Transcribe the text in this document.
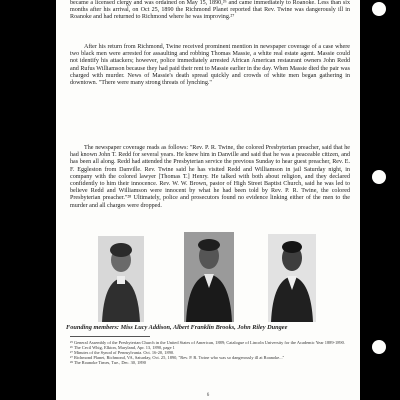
became a licensed clergy and was ordained on May 15, 1890,²⁶ and came immediately to Roanoke. Less than six months after his arrival, on Oct 25, 1890 the Richmond Planet reported that Rev. Twine was dangerously ill in Roanoke and had returned to Richmond where he was improving.²⁷

After his return from Richmond, Twine received prominent mention in newspaper coverage of a case where two black men were arrested for assaulting and robbing Thomas Massie, a white real estate agent. Massie could not identify his attackers; however, police immediately arrested African American restaurant owners John Redd and Rufus Williamson because they had paid their rent to Massie earlier in the day. When Massie died the pair was charged with murder. News of Massie's death spread quickly and crowds of white men began gathering in downtown. "There were many strong threats of lynching."

The newspaper coverage reads as follows: "Rev. P. R. Twine, the colored Presbyterian preacher, said that he had known John T. Redd for several years. He knew him in Danville and said that he was a peaceable citizen, and has been all along. Redd had attended the Presbyterian service the previous Sunday to hear guest preacher, Rev. E. F. Eggleston from Danville. Rev. Twine said he has visited Redd and Williamson in jail Saturday night, in company with the colored lawyer [Thomas T.] Henry. He talked with both about religion, and they declared confidently to him their innocence. Rev. W. W. Brown, pastor of High Street Baptist Church, said he was led to believe Redd and Williamson were innocent by what he had been told by Rev. P. R. Twine, the colored Presbyterian preacher."²⁸ Ultimately, police and prosecutors found no evidence linking either of the men to the murder and all charges were dropped.

Founding members: Miss Lucy Addison, Albert Franklin Brooks, John Riley Dungee
²⁵ General Assembly of the Presbyterian Church in the United States of American, 1889; Catalogue of Lincoln University for the Academic Year 1889-1890.
²⁶ The Cecil Whig, Elkton, Maryland, Apr. 13, 1890, page 1
²⁷ Minutes of the Synod of Pennsylvania. Oct. 16-20, 1890.
²⁷ Richmond Planet, Richmond, VA, Saturday, Oct. 25, 1890, "Rev. P. R. Twine who was so dangerously ill at Roanoke..."
²⁸ The Roanoke Times, Tue., Dec. 30, 1890
6
